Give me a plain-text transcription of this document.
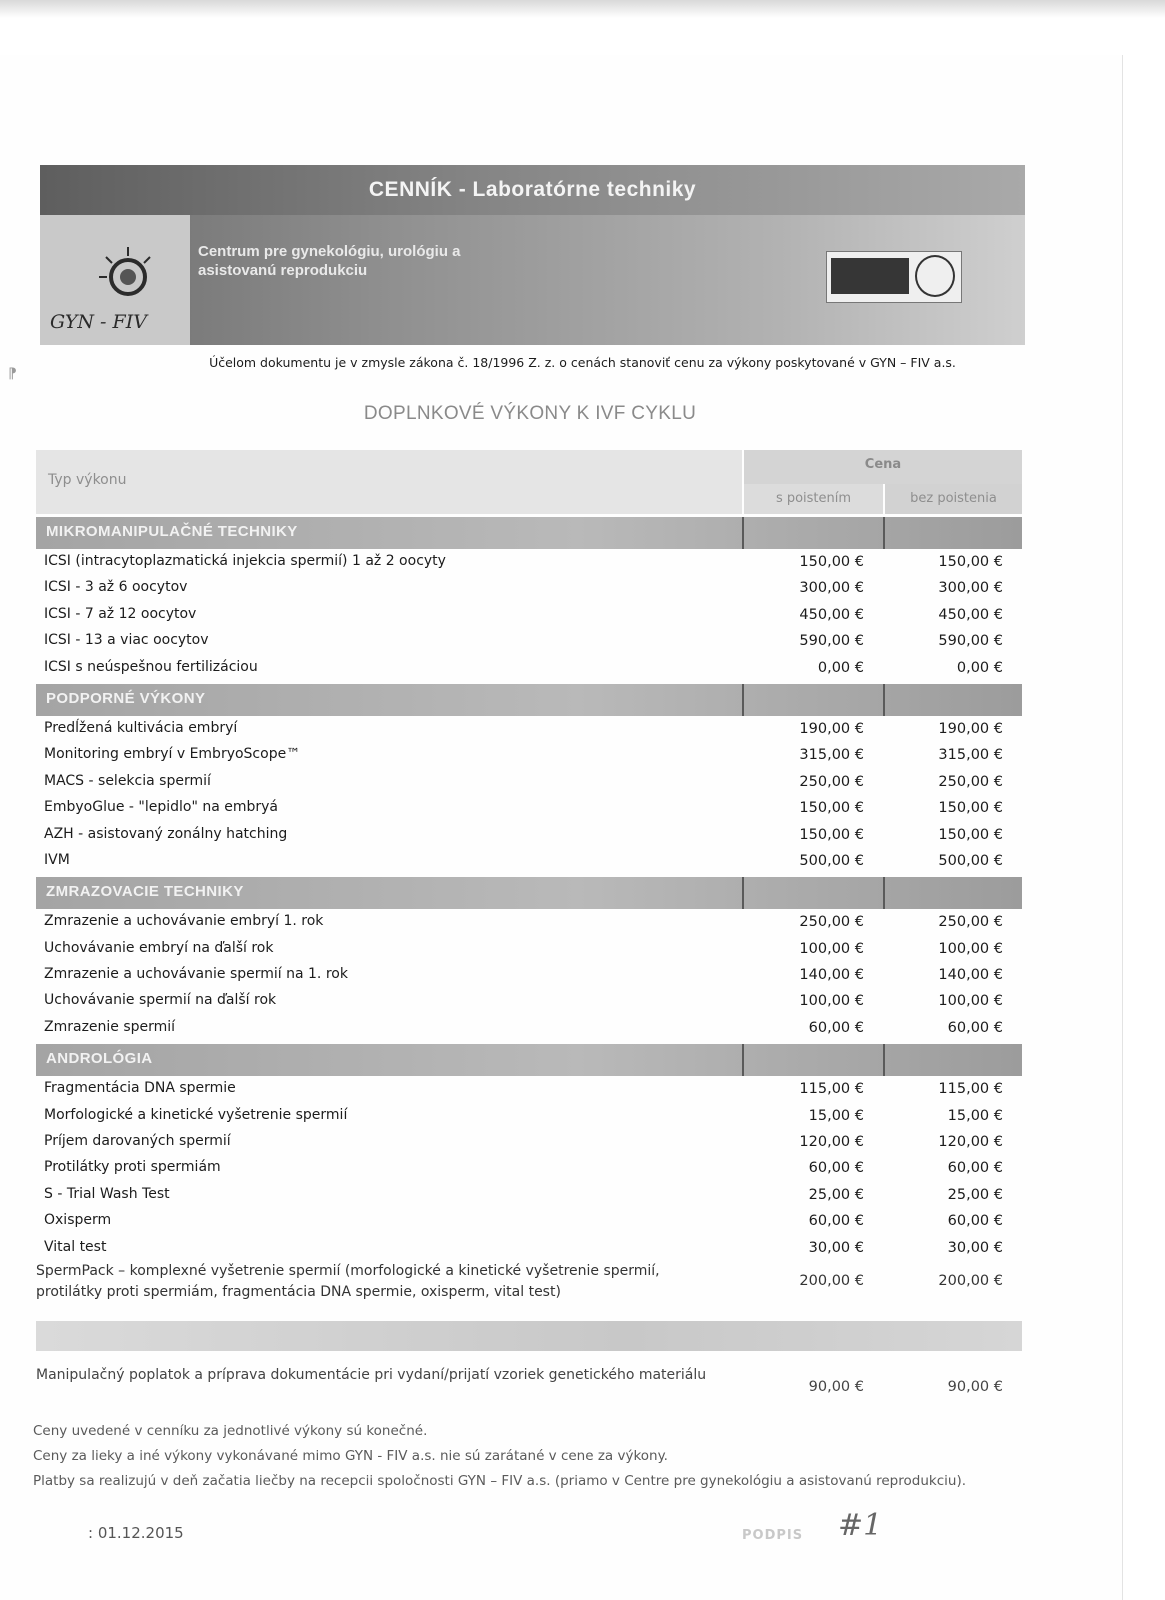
CENNÍK - Laboratórne techniky
GYN - FIV
Centrum pre gynekológiu, urológiu a asistovanú reprodukciu
⁋
Účelom dokumentu je v zmysle zákona č. 18/1996 Z. z. o cenách stanoviť cenu za výkony poskytované v GYN – FIV a.s.
DOPLNKOVÉ VÝKONY K IVF CYKLU
Typ výkonu
Cena
s poistením	bez poistenia
MIKROMANIPULAČNÉ TECHNIKY
ICSI (intracytoplazmatická injekcia spermií) 1 až 2 oocyty	150,00 €	150,00 €
ICSI - 3 až 6 oocytov	300,00 €	300,00 €
ICSI - 7 až 12 oocytov	450,00 €	450,00 €
ICSI - 13 a viac oocytov	590,00 €	590,00 €
ICSI s neúspešnou fertilizáciou	0,00 €	0,00 €
PODPORNÉ VÝKONY
Predĺžená kultivácia embryí	190,00 €	190,00 €
Monitoring embryí v EmbryoScope™	315,00 €	315,00 €
MACS - selekcia spermií	250,00 €	250,00 €
EmbyoGlue - "lepidlo" na embryá	150,00 €	150,00 €
AZH - asistovaný zonálny hatching	150,00 €	150,00 €
IVM	500,00 €	500,00 €
ZMRAZOVACIE TECHNIKY
Zmrazenie a uchovávanie embryí 1. rok	250,00 €	250,00 €
Uchovávanie embryí na ďalší rok	100,00 €	100,00 €
Zmrazenie a uchovávanie spermií na 1. rok	140,00 €	140,00 €
Uchovávanie spermií na ďalší rok	100,00 €	100,00 €
Zmrazenie spermií	60,00 €	60,00 €
ANDROLÓGIA
Fragmentácia DNA spermie	115,00 €	115,00 €
Morfologické a kinetické vyšetrenie spermií	15,00 €	15,00 €
Príjem darovaných spermií	120,00 €	120,00 €
Protilátky proti spermiám	60,00 €	60,00 €
S - Trial Wash Test	25,00 €	25,00 €
Oxisperm	60,00 €	60,00 €
Vital test	30,00 €	30,00 €
SpermPack – komplexné vyšetrenie spermií (morfologické a kinetické vyšetrenie spermií, protilátky proti spermiám, fragmentácia DNA spermie, oxisperm, vital test)
200,00 €	200,00 €
Manipulačný poplatok a príprava dokumentácie pri vydaní/prijatí vzoriek genetického materiálu
90,00 €	90,00 €

Ceny uvedené v cenníku za jednotlivé výkony sú konečné.

Ceny za lieky a iné výkony vykonávané mimo GYN - FIV a.s. nie sú zarátané v cene za výkony.

Platby sa realizujú v deň začatia liečby na recepcii spoločnosti GYN – FIV a.s. (priamo v Centre pre gynekológiu a asistovanú reprodukciu).

: 01.12.2015	PODPIS #1
